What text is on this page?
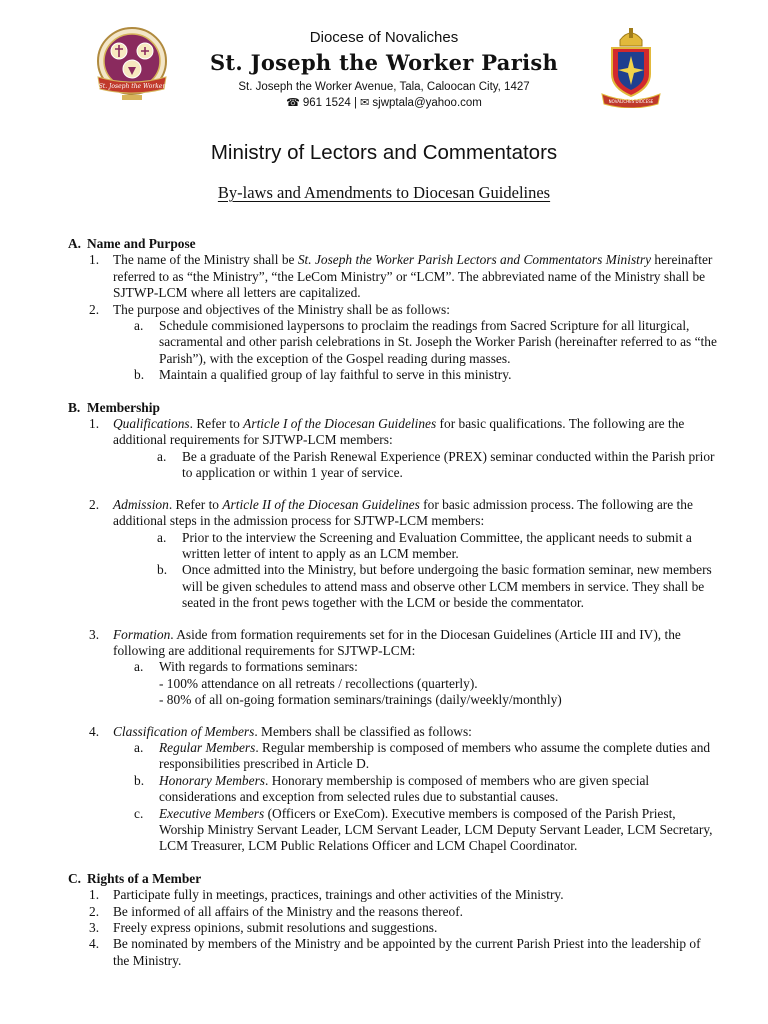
St. Joseph the Worker
Diocese of Novaliches
St. Joseph the Worker Parish
St. Joseph the Worker Avenue, Tala, Caloocan City, 1427
☎ 961 1524 | ✉ sjwptala@yahoo.com	NOVALICHES DIOCESE
Ministry of Lectors and Commentators
By-laws and Amendments to Diocesan Guidelines
A. Name and Purpose
1. The name of the Ministry shall be St. Joseph the Worker Parish Lectors and Commentators Ministry hereinafter referred to as “the Ministry”, “the LeCom Ministry” or “LCM”. The abbreviated name of the Ministry shall be SJTWP-LCM where all letters are capitalized.
2. The purpose and objectives of the Ministry shall be as follows:
a. Schedule commisioned laypersons to proclaim the readings from Sacred Scripture for all liturgical, sacramental and other parish celebrations in St. Joseph the Worker Parish (hereinafter referred to as “the Parish”), with the exception of the Gospel reading during masses.
b. Maintain a qualified group of lay faithful to serve in this ministry.
B. Membership
1. Qualifications. Refer to Article I of the Diocesan Guidelines for basic qualifications. The following are the additional requirements for SJTWP-LCM members:
a. Be a graduate of the Parish Renewal Experience (PREX) seminar conducted within the Parish prior to application or within 1 year of service.
2. Admission. Refer to Article II of the Diocesan Guidelines for basic admission process. The following are the additional steps in the admission process for SJTWP-LCM members:
a. Prior to the interview the Screening and Evaluation Committee, the applicant needs to submit a written letter of intent to apply as an LCM member.
b. Once admitted into the Ministry, but before undergoing the basic formation seminar, new members will be given schedules to attend mass and observe other LCM members in service. They shall be seated in the front pews together with the LCM or beside the commentator.
3. Formation. Aside from formation requirements set for in the Diocesan Guidelines (Article III and IV), the following are additional requirements for SJTWP-LCM:
a. With regards to formations seminars:
- 100% attendance on all retreats / recollections (quarterly).
- 80% of all on-going formation seminars/trainings (daily/weekly/monthly)
4. Classification of Members. Members shall be classified as follows:
a. Regular Members. Regular membership is composed of members who assume the complete duties and responsibilities prescribed in Article D.
b. Honorary Members. Honorary membership is composed of members who are given special considerations and exception from selected rules due to substantial causes.
c. Executive Members (Officers or ExeCom). Executive members is composed of the Parish Priest, Worship Ministry Servant Leader, LCM Servant Leader, LCM Deputy Servant Leader, LCM Secretary, LCM Treasurer, LCM Public Relations Officer and LCM Chapel Coordinator.
C. Rights of a Member
1. Participate fully in meetings, practices, trainings and other activities of the Ministry.
2. Be informed of all affairs of the Ministry and the reasons thereof.
3. Freely express opinions, submit resolutions and suggestions.
4. Be nominated by members of the Ministry and be appointed by the current Parish Priest into the leadership of the Ministry.
